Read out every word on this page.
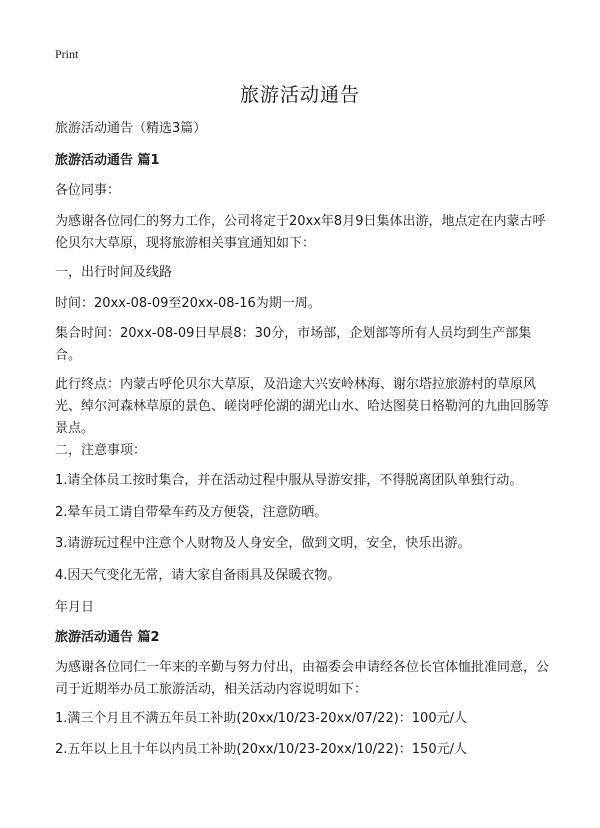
Print
旅游活动通告

旅游活动通告（精选3篇）

旅游活动通告 篇1

各位同事：

为感谢各位同仁的努力工作，公司将定于20xx年8月9日集体出游，地点定在内蒙古呼伦贝尔大草原，现将旅游相关事宜通知如下：

一，出行时间及线路

时间：20xx-08-09至20xx-08-16为期一周。

集合时间：20xx-08-09日早晨8：30分，市场部，企划部等所有人员均到生产部集合。

此行终点：内蒙古呼伦贝尔大草原，及沿途大兴安岭林海、谢尔塔拉旅游村的草原风光、绰尔河森林草原的景色、嵯岗呼伦湖的湖光山水、哈达图莫日格勒河的九曲回肠等景点。

二，注意事项：

1.请全体员工按时集合，并在活动过程中服从导游安排，不得脱离团队单独行动。

2.晕车员工请自带晕车药及方便袋，注意防晒。

3.请游玩过程中注意个人财物及人身安全，做到文明，安全，快乐出游。

4.因天气变化无常，请大家自备雨具及保暖衣物。

年月日

旅游活动通告 篇2

为感谢各位同仁一年来的辛勤与努力付出，由福委会申请经各位长官体恤批准同意，公司于近期举办员工旅游活动，相关活动内容说明如下：

1.满三个月且不满五年员工补助(20xx/10/23-20xx/07/22)：100元/人

2.五年以上且十年以内员工补助(20xx/10/23-20xx/10/22)：150元/人
